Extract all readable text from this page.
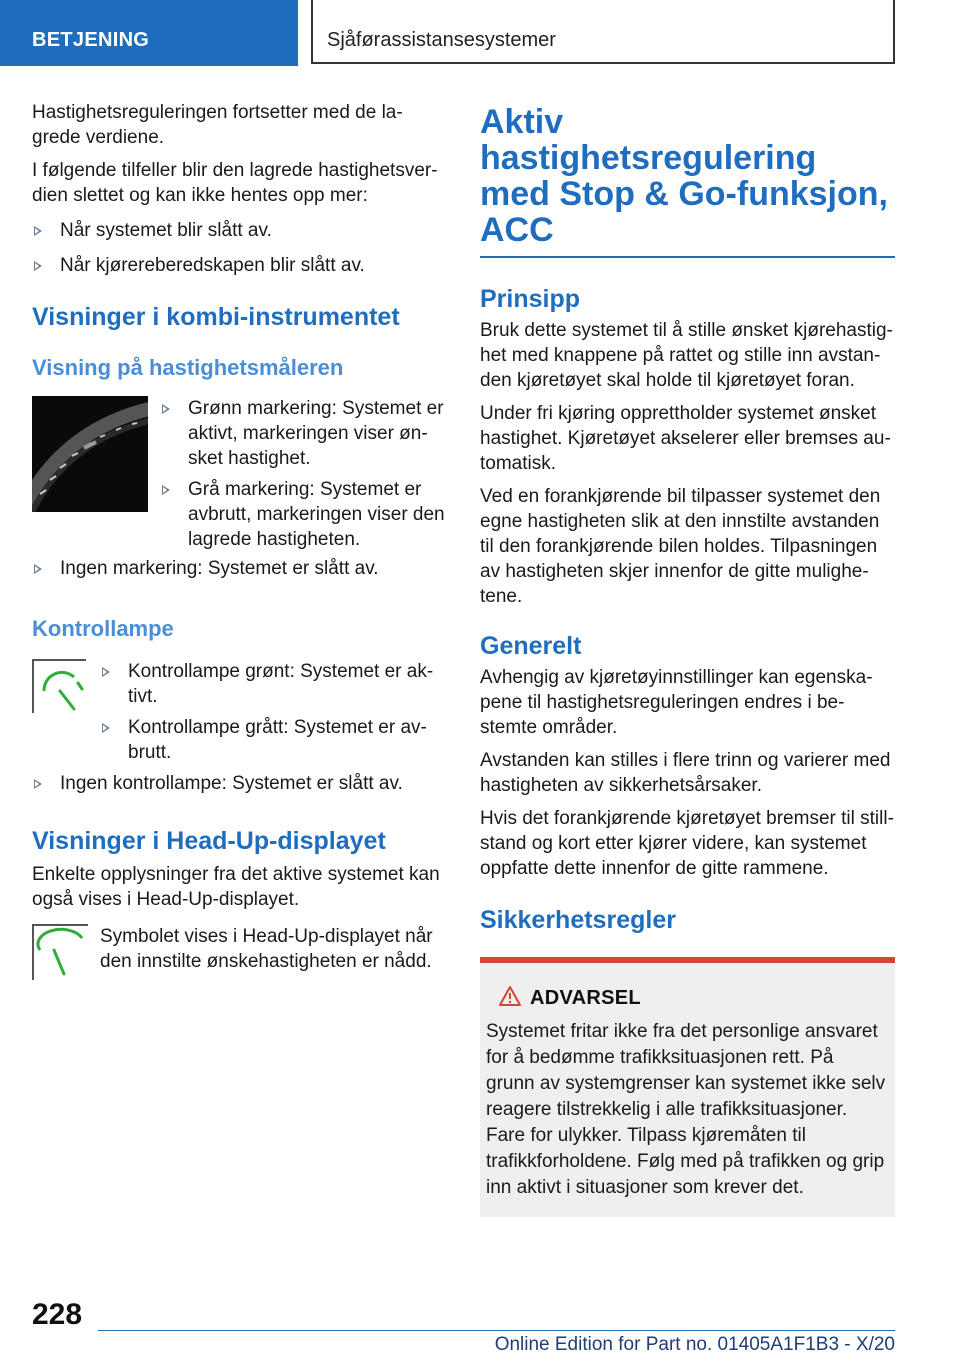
BETJENING	Sjåførassistansesystemer

Hastighetsreguleringen fortsetter med de lagrede verdiene.

I følgende tilfeller blir den lagrede hastighetsverdien slettet og kan ikke hentes opp mer:

Når systemet blir slått av.
Når kjørereberedskapen blir slått av.
Visninger i kombi-instrumentet
Visning på hastighetsmåleren
Grønn markering: Systemet er aktivt, markeringen viser ønsket hastighet.
Grå markering: Systemet er avbrutt, markeringen viser den lagrede hastigheten.
Ingen markering: Systemet er slått av.
Kontrollampe
Kontrollampe grønt: Systemet er aktivt.
Kontrollampe grått: Systemet er avbrutt.
Ingen kontrollampe: Systemet er slått av.
Visninger i Head-Up-displayet

Enkelte opplysninger fra det aktive systemet kan også vises i Head-Up-displayet.

Symbolet vises i Head-Up-displayet når den innstilte ønskehastigheten er nådd.

Aktiv hastighetsregulering med Stop & Go-funksjon, ACC
Prinsipp

Bruk dette systemet til å stille ønsket kjørehastighet med knappene på rattet og stille inn avstanden kjøretøyet skal holde til kjøretøyet foran.

Under fri kjøring opprettholder systemet ønsket hastighet. Kjøretøyet akselerer eller bremses automatisk.

Ved en forankjørende bil tilpasser systemet den egne hastigheten slik at den innstilte avstanden til den forankjørende bilen holdes. Tilpasningen av hastigheten skjer innenfor de gitte mulighetene.

Generelt

Avhengig av kjøretøyinnstillinger kan egenskapene til hastighetsreguleringen endres i bestemte områder.

Avstanden kan stilles i flere trinn og varierer med hastigheten av sikkerhetsårsaker.

Hvis det forankjørende kjøretøyet bremser til stillstand og kort etter kjører videre, kan systemet oppfatte dette innenfor de gitte rammene.

Sikkerhetsregler
ADVARSEL

Systemet fritar ikke fra det personlige ansvaret for å bedømme trafikksituasjonen rett. På grunn av systemgrenser kan systemet ikke selv reagere tilstrekkelig i alle trafikksituasjoner. Fare for ulykker. Tilpass kjøremåten til trafikkforholdene. Følg med på trafikken og grip inn aktivt i situasjoner som krever det.

228
Online Edition for Part no. 01405A1F1B3 - X/20
